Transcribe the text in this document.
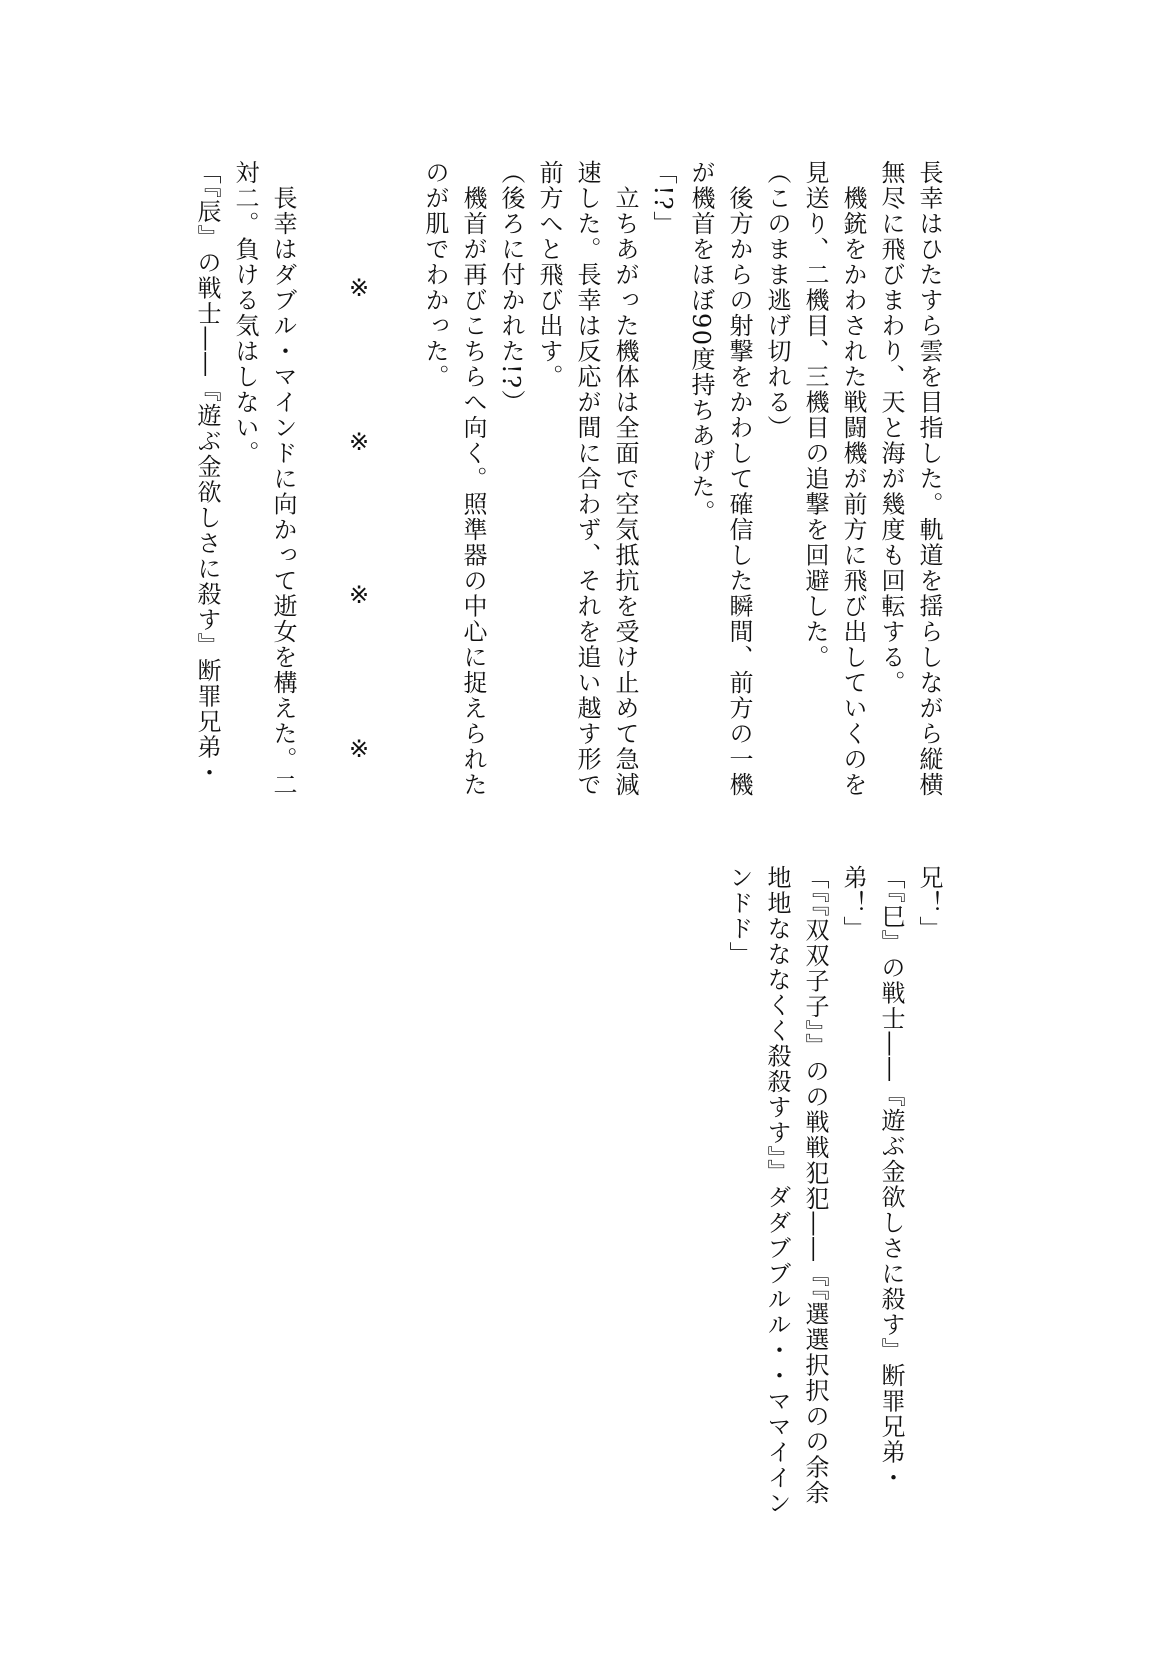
長幸はひたすら雲を目指した。軌道を揺らしながら縦横
無尽に飛びまわり、天と海が幾度も回転する。
　機銃をかわされた戦闘機が前方に飛び出していくのを
見送り、二機目、三機目の追撃を回避した。
（このまま逃げ切れる）
　後方からの射撃をかわして確信した瞬間、前方の一機
が機首をほぼ90度持ちあげた。
「!?」
　立ちあがった機体は全面で空気抵抗を受け止めて急減
速した。長幸は反応が間に合わず、それを追い越す形で
前方へと飛び出す。
（後ろに付かれた!?）
　機首が再びこちらへ向く。照準器の中心に捉えられた
のが肌でわかった。
※※※※
　長幸はダブル・マインドに向かって逝女を構えた。二
対二。負ける気はしない。
「『辰』の戦士――『遊ぶ金欲しさに殺す』断罪兄弟・
兄！」
「『巳』の戦士――『遊ぶ金欲しさに殺す』断罪兄弟・
弟！」
「『『双双子子』』のの戦戦犯犯――『『選選択択のの余余
地地なななくく殺殺すす』』ダダブブルル・・ママイイン
ンドド」
